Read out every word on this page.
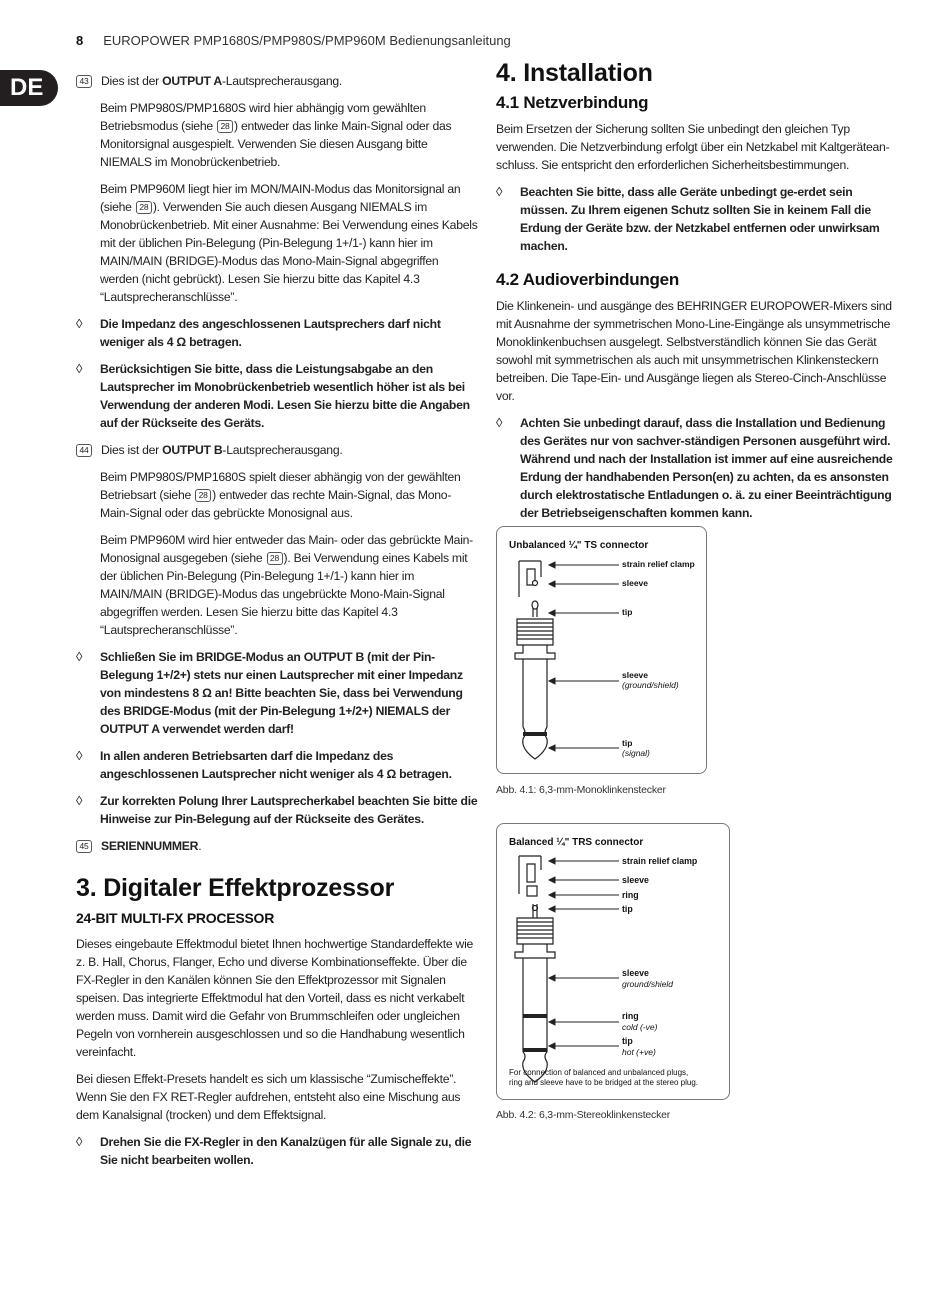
8 EUROPOWER PMP1680S/PMP980S/PMP960M Bedienungsanleitung
DE	43 Dies ist der OUTPUT A-Lautsprecherausgang.

Beim PMP980S/PMP1680S wird hier abhängig vom gewählten Betriebsmodus (siehe 28 ) entweder das linke Main-Signal oder das Monitorsignal ausgespielt. Verwenden Sie diesen Ausgang bitte NIEMALS im Monobrückenbetrieb.

Beim PMP960M liegt hier im MON/MAIN-Modus das Monitorsignal an (siehe 28 ). Verwenden Sie auch diesen Ausgang NIEMALS im Monobrückenbetrieb. Mit einer Ausnahme: Bei Verwendung eines Kabels mit der üblichen Pin-Belegung (Pin-Belegung 1+/1-) kann hier im MAIN/MAIN (BRIDGE)-Modus das Mono-Main-Signal abgegriffen werden (nicht gebrückt). Lesen Sie hierzu bitte das Kapitel 4.3 “Lautsprecheranschlüsse”.

◊	Die Impedanz des angeschlossenen Lautsprechers darf nicht weniger als 4 Ω betragen.
◊	Berücksichtigen Sie bitte, dass die Leistungsabgabe an den Lautsprecher im Monobrückenbetrieb wesentlich höher ist als bei Verwendung der anderen Modi. Lesen Sie hierzu bitte die Angaben auf der Rückseite des Geräts.
44 Dies ist der OUTPUT B-Lautsprecherausgang.

Beim PMP980S/PMP1680S spielt dieser abhängig von der gewählten Betriebsart (siehe 28 ) entweder das rechte Main-Signal, das Mono-Main-Signal oder das gebrückte Monosignal aus.

Beim PMP960M wird hier entweder das Main- oder das gebrückte Main-Monosignal ausgegeben (siehe 28 ). Bei Verwendung eines Kabels mit der üblichen Pin-Belegung (Pin-Belegung 1+/1-) kann hier im MAIN/MAIN (BRIDGE)-Modus das ungebrückte Mono-Main-Signal abgegriffen werden. Lesen Sie hierzu bitte das Kapitel 4.3 “Lautsprecheranschlüsse”.

◊	Schließen Sie im BRIDGE-Modus an OUTPUT B (mit der Pin-Belegung 1+/2+) stets nur einen Lautsprecher mit einer Impedanz von mindestens 8 Ω an! Bitte beachten Sie, dass bei Verwendung des BRIDGE-Modus (mit der Pin-Belegung 1+/2+) NIEMALS der OUTPUT A verwendet werden darf!
◊	In allen anderen Betriebsarten darf die Impedanz des angeschlossenen Lautsprecher nicht weniger als 4 Ω betragen.
◊	Zur korrekten Polung Ihrer Lautsprecherkabel beachten Sie bitte die Hinweise zur Pin-Belegung auf der Rückseite des Gerätes.
45 SERIENNUMMER.
3. Digitaler Effektprozessor
24-BIT MULTI-FX PROCESSOR

Dieses eingebaute Effektmodul bietet Ihnen hochwertige Standardeffekte wie z. B. Hall, Chorus, Flanger, Echo und diverse Kombinationseffekte. Über die FX-Regler in den Kanälen können Sie den Effektprozessor mit Signalen speisen. Das integrierte Effektmodul hat den Vorteil, dass es nicht verkabelt werden muss. Damit wird die Gefahr von Brummschleifen oder ungleichen Pegeln von vornherein ausgeschlossen und so die Handhabung wesentlich vereinfacht.

Bei diesen Effekt-Presets handelt es sich um klassische “Zumischeffekte”. Wenn Sie den FX RET-Regler aufdrehen, entsteht also eine Mischung aus dem Kanalsignal (trocken) und dem Effektsignal.

◊	Drehen Sie die FX-Regler in den Kanalzügen für alle Signale zu, die Sie nicht bearbeiten wollen.
4. Installation
4.1 Netzverbindung

Beim Ersetzen der Sicherung sollten Sie unbedingt den gleichen Typ verwenden. Die Netzverbindung erfolgt über ein Netzkabel mit Kaltgerätean-schluss. Sie entspricht den erforderlichen Sicherheitsbestimmungen.

◊	Beachten Sie bitte, dass alle Geräte unbedingt ge-erdet sein müssen. Zu Ihrem eigenen Schutz sollten Sie in keinem Fall die Erdung der Geräte bzw. der Netzkabel entfernen oder unwirksam machen.
4.2 Audioverbindungen

Die Klinkenein- und ausgänge des BEHRINGER EUROPOWER-Mixers sind mit Ausnahme der symmetrischen Mono-Line-Eingänge als unsymmetrische Monoklinkenbuchsen ausgelegt. Selbstverständlich können Sie das Gerät sowohl mit symmetrischen als auch mit unsymmetrischen Klinkensteckern betreiben. Die Tape-Ein- und Ausgänge liegen als Stereo-Cinch-Anschlüsse vor.

◊	Achten Sie unbedingt darauf, dass die Installation und Bedienung des Gerätes nur von sachver-ständigen Personen ausgeführt wird. Während und nach der Installation ist immer auf eine ausreichende Erdung der handhabenden Person(en) zu achten, da es ansonsten durch elektrostatische Entladungen o. ä. zu einer Beeinträchtigung der Betriebseigenschaften kommen kann.
Unbalanced ¼" TS connector
strain relief clamp
sleeve
tip
sleeve
(ground/shield)
tip
(signal)
Abb. 4.1: 6,3-mm-Monoklinkenstecker
Balanced ¼" TRS connector
strain relief clamp
sleeve
ring
tip
sleeve
ground/shield
ring
cold (-ve)
tip
hot (+ve)
For connection of balanced and unbalanced plugs,
ring and sleeve have to be bridged at the stereo plug.
Abb. 4.2: 6,3-mm-Stereoklinkenstecker
